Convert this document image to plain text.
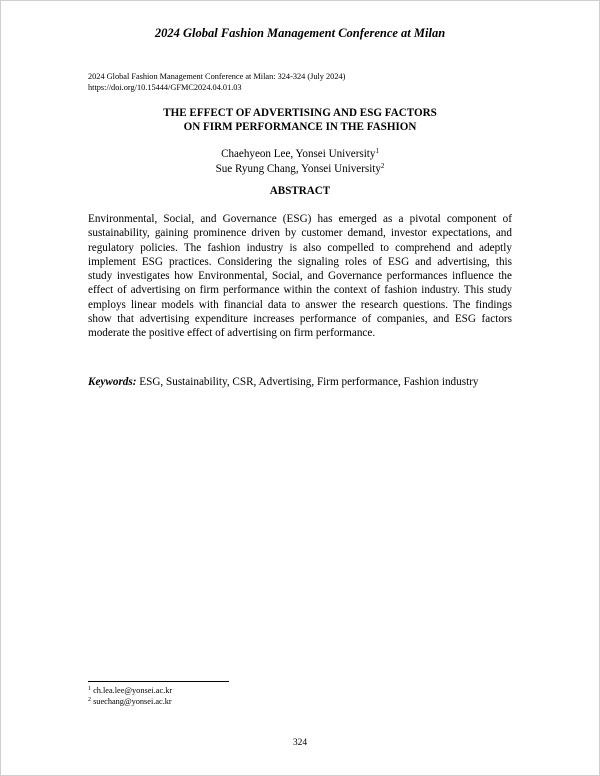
2024 Global Fashion Management Conference at Milan
2024 Global Fashion Management Conference at Milan: 324-324 (July 2024)
https://doi.org/10.15444/GFMC2024.04.01.03
THE EFFECT OF ADVERTISING AND ESG FACTORS
ON FIRM PERFORMANCE IN THE FASHION
Chaehyeon Lee, Yonsei University$^1$
Sue Ryung Chang, Yonsei University$^2$
ABSTRACT
Environmental, Social, and Governance (ESG) has emerged as a pivotal component of
sustainability, gaining prominence driven by customer demand, investor expectations, and
regulatory policies. The fashion industry is also compelled to comprehend and adeptly
implement ESG practices. Considering the signaling roles of ESG and advertising, this
study investigates how Environmental, Social, and Governance performances influence the
effect of advertising on firm performance within the context of fashion industry. This study
employs linear models with financial data to answer the research questions. The findings
show that advertising expenditure increases performance of companies, and ESG factors
moderate the positive effect of advertising on firm performance.
Keywords: ESG, Sustainability, CSR, Advertising, Firm performance, Fashion industry
$^1$ ch.lea.lee@yonsei.ac.kr
$^2$ suechang@yonsei.ac.kr
324
